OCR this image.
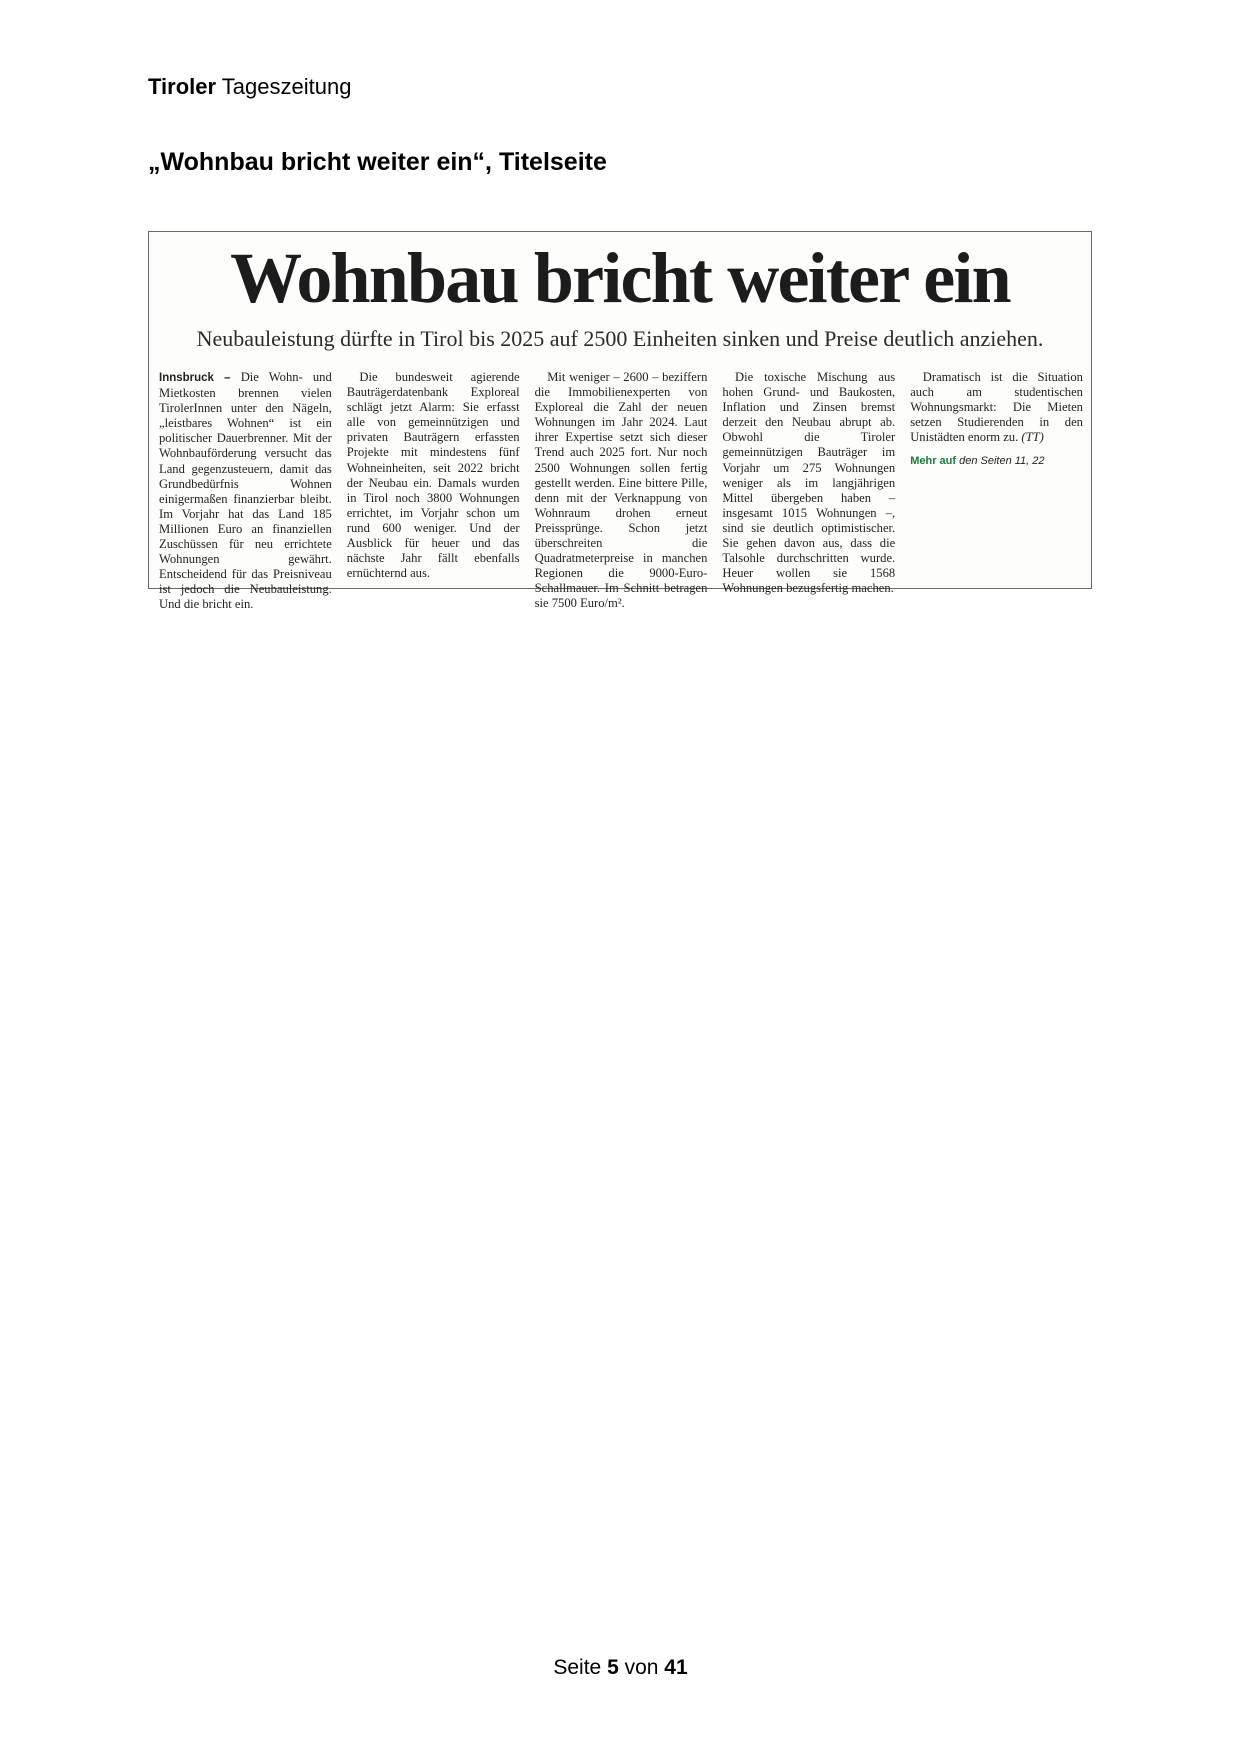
Tiroler Tageszeitung
„Wohnbau bricht weiter ein“, Titelseite
Wohnbau bricht weiter ein
Neubauleistung dürfte in Tirol bis 2025 auf 2500 Einheiten sinken und Preise deutlich anziehen.

Innsbruck – Die Wohn- und Mietkosten brennen vielen TirolerInnen unter den Nägeln, „leistbares Wohnen“ ist ein politischer Dauerbrenner. Mit der Wohnbauförderung versucht das Land gegenzusteuern, damit das Grundbedürfnis Wohnen einigermaßen finanzierbar bleibt. Im Vorjahr hat das Land 185 Millionen Euro an finanziellen Zuschüssen für neu errichtete Wohnungen gewährt. Entscheidend für das Preisniveau ist jedoch die Neubauleistung. Und die bricht ein.

Die bundesweit agierende Bauträgerdatenbank Exploreal schlägt jetzt Alarm: Sie erfasst alle von gemeinnützigen und privaten Bauträgern erfassten Projekte mit mindestens fünf Wohneinheiten, seit 2022 bricht der Neubau ein. Damals wurden in Tirol noch 3800 Wohnungen errichtet, im Vorjahr schon um rund 600 weniger. Und der Ausblick für heuer und das nächste Jahr fällt ebenfalls ernüchternd aus.

Mit weniger – 2600 – beziffern die Immobilienexperten von Exploreal die Zahl der neuen Wohnungen im Jahr 2024. Laut ihrer Expertise setzt sich dieser Trend auch 2025 fort. Nur noch 2500 Wohnungen sollen fertig gestellt werden. Eine bittere Pille, denn mit der Verknappung von Wohnraum drohen erneut Preissprünge. Schon jetzt überschreiten die Quadratmeterpreise in manchen Regionen die 9000-Euro-Schallmauer. Im Schnitt betragen sie 7500 Euro/m².

Die toxische Mischung aus hohen Grund- und Baukosten, Inflation und Zinsen bremst derzeit den Neubau abrupt ab. Obwohl die Tiroler gemeinnützigen Bauträger im Vorjahr um 275 Wohnungen weniger als im langjährigen Mittel übergeben haben – insgesamt 1015 Wohnungen –, sind sie deutlich optimistischer. Sie gehen davon aus, dass die Talsohle durchschritten wurde. Heuer wollen sie 1568 Wohnungen bezugsfertig machen.

Dramatisch ist die Situation auch am studentischen Wohnungsmarkt: Die Mieten setzen Studierenden in den Unistädten enorm zu. (TT)

Mehr auf den Seiten 11, 22
Seite 5 von 41
